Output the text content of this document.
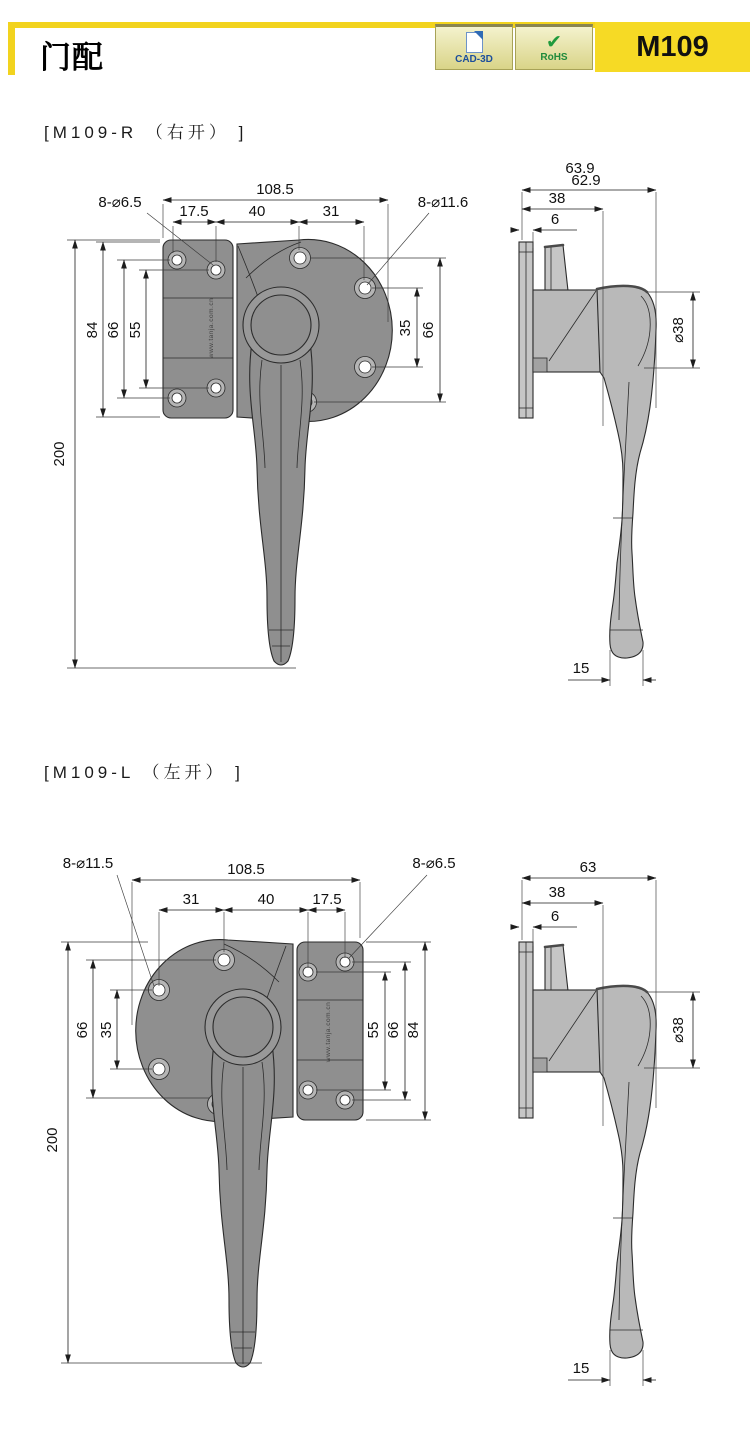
门配	CAD-3D
✔
RoHS	M109
[M109-R （右开） ]
[M109-L （左开） ]
www.tanja.com.cn
108.5
17.5	40	31
8-⌀6.5	8-⌀11.6
200
84 66 55	35 66
63.9
62.9
38
6
⌀38
15
www.tanja.com.cn
8-⌀11.5	8-⌀6.5
108.5
31	40	17.5
200
66 35	55 66 84
63
38
6
⌀38
15
